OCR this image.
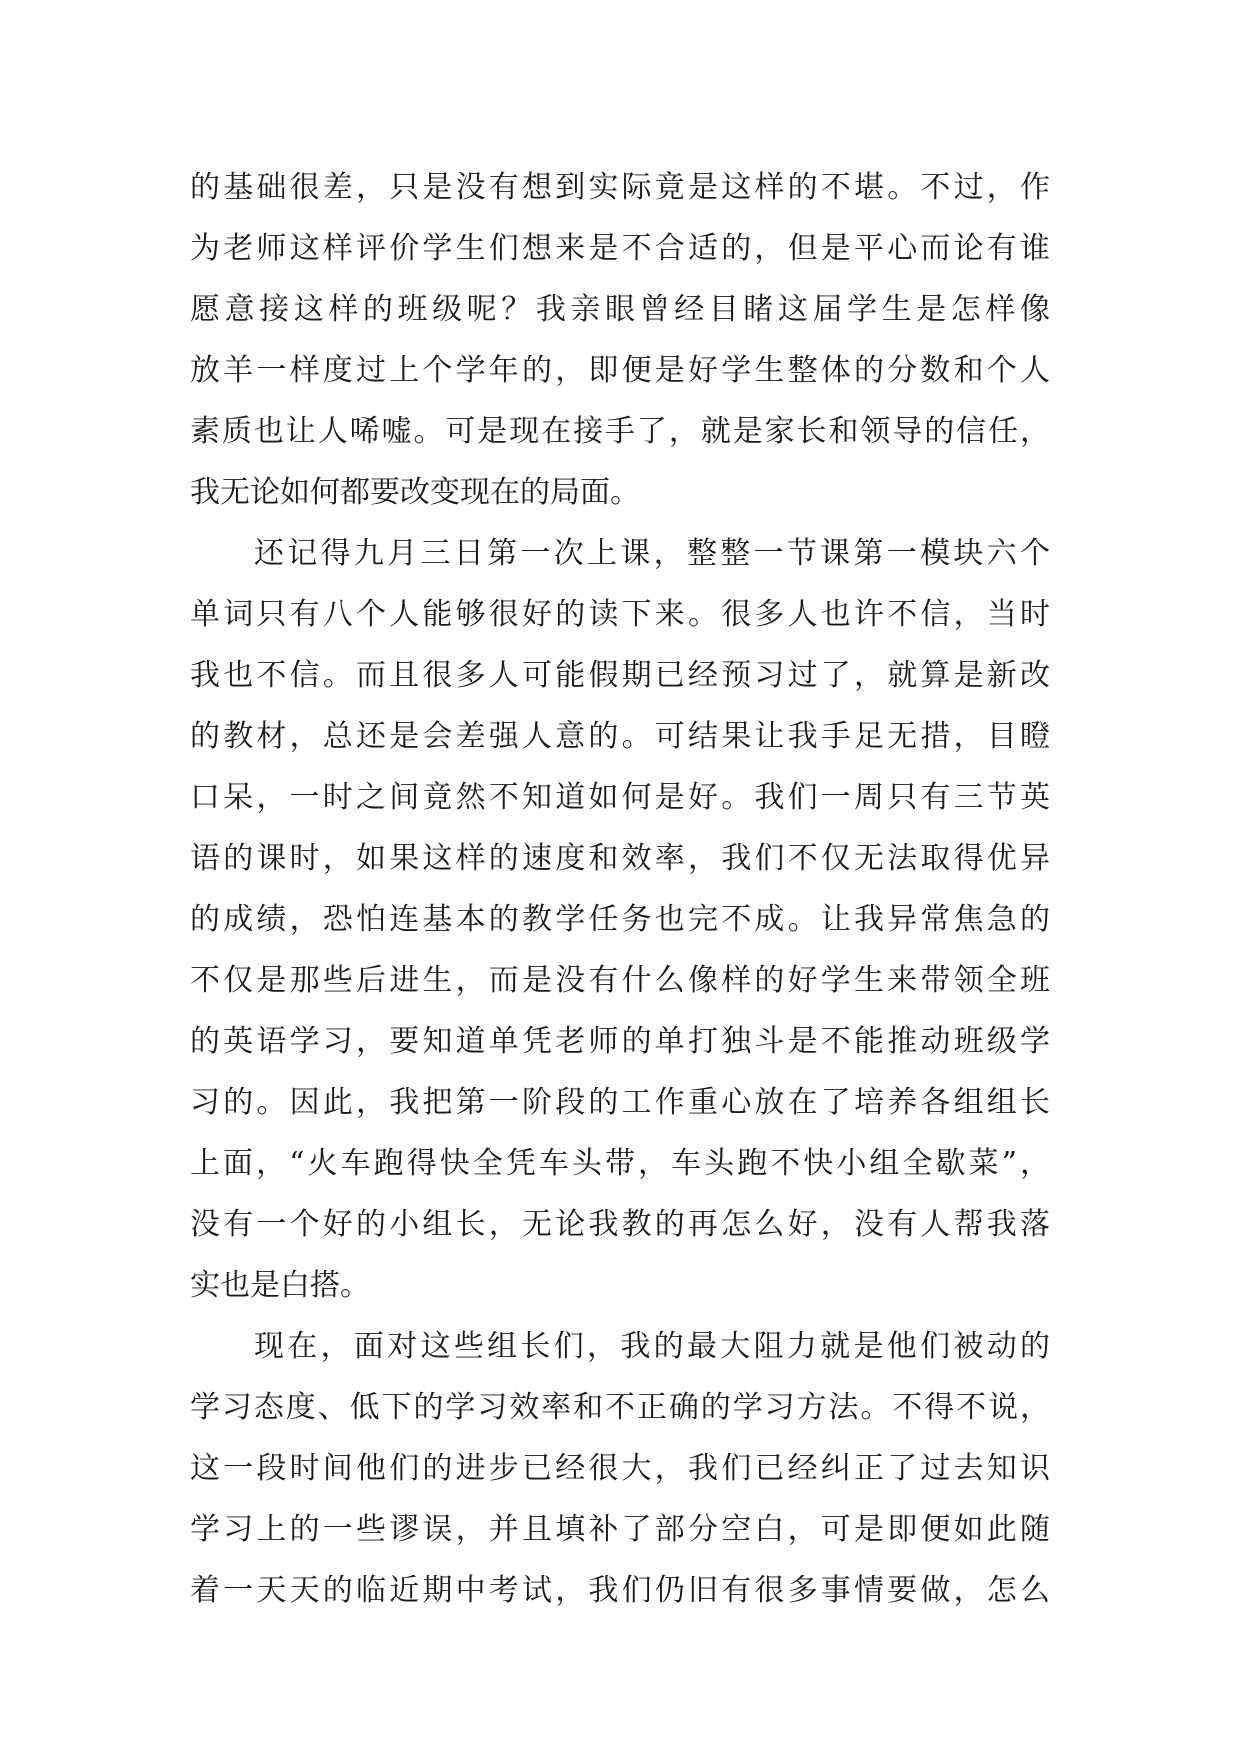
的基础很差，只是没有想到实际竟是这样的不堪。不过，作
为老师这样评价学生们想来是不合适的，但是平心而论有谁
愿意接这样的班级呢？我亲眼曾经目睹这届学生是怎样像
放羊一样度过上个学年的，即便是好学生整体的分数和个人
素质也让人唏嘘。可是现在接手了，就是家长和领导的信任，
我无论如何都要改变现在的局面。
还记得九月三日第一次上课，整整一节课第一模块六个
单词只有八个人能够很好的读下来。很多人也许不信，当时
我也不信。而且很多人可能假期已经预习过了，就算是新改
的教材，总还是会差强人意的。可结果让我手足无措，目瞪
口呆，一时之间竟然不知道如何是好。我们一周只有三节英
语的课时，如果这样的速度和效率，我们不仅无法取得优异
的成绩，恐怕连基本的教学任务也完不成。让我异常焦急的
不仅是那些后进生，而是没有什么像样的好学生来带领全班
的英语学习，要知道单凭老师的单打独斗是不能推动班级学
习的。因此，我把第一阶段的工作重心放在了培养各组组长
上面，“火车跑得快全凭车头带，车头跑不快小组全歇菜”，
没有一个好的小组长，无论我教的再怎么好，没有人帮我落
实也是白搭。
现在，面对这些组长们，我的最大阻力就是他们被动的
学习态度、低下的学习效率和不正确的学习方法。不得不说，
这一段时间他们的进步已经很大，我们已经纠正了过去知识
学习上的一些谬误，并且填补了部分空白，可是即便如此随
着一天天的临近期中考试，我们仍旧有很多事情要做，怎么
